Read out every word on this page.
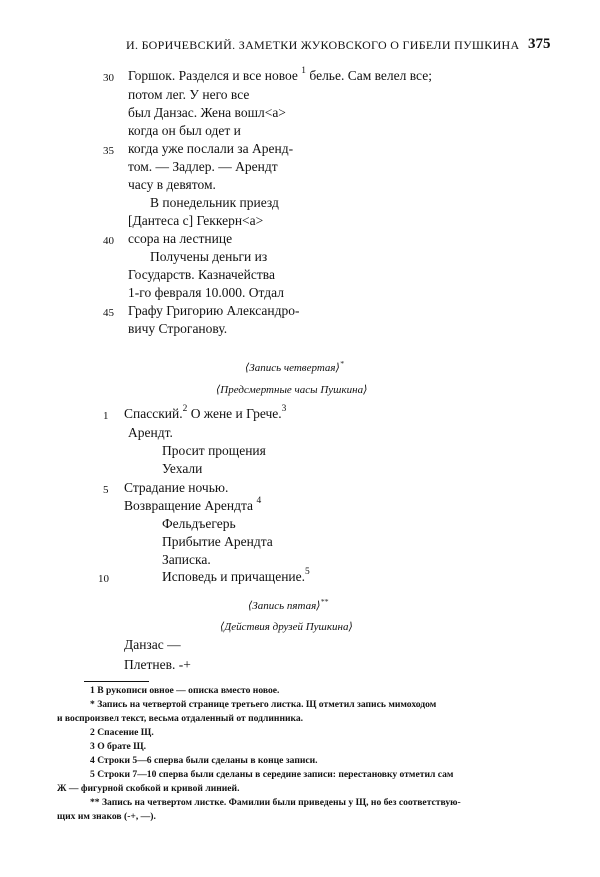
И. БОРИЧЕВСКИЙ. ЗАМЕТКИ ЖУКОВСКОГО О ГИБЕЛИ ПУШКИНА 375
30 Горшок. Разделся и все новое $^1$ белье. Сам велел все;
потом лег. У него все
был Данзас. Жена вошл<а>
когда он был одет и
35 когда уже послали за Аренд-
том. — Задлер. — Арендт
часу в девятом.
В понедельник приезд
[Дантеса с] Геккерн<а>
40 ссора на лестнице
Получены деньги из
Государств. Казначейства
1-го февраля 10.000. Отдал
45 Графу Григорию Александро-
вичу Строганову.
⟨Запись четвертая⟩*
⟨Предсмертные часы Пушкина⟩
1 Спасский.$^2$ О жене и Грече.$^3$
Арендт.
Просит прощения
Уехали
5 Страдание ночью.
Возвращение Арендта $^4$
Фельдъегерь
Прибытие Арендта
Записка.
10	Исповедь и причащение.$^5$
⟨Запись пятая⟩**
⟨Действия друзей Пушкина⟩
Данзас —
Плетнев. -+
1 В рукописи овное — описка вместо новое.
* Запись на четвертой странице третьего листка. Щ отметил запись мимоходом
и воспроизвел текст, весьма отдаленный от подлинника.
2 Спасение Щ.
3 О брате Щ.
4 Строки 5—6 сперва были сделаны в конце записи.
5 Строки 7—10 сперва были сделаны в середине записи: перестановку отметил сам
Ж — фигурной скобкой и кривой линией.
** Запись на четвертом листке. Фамилии были приведены у Щ, но без соответствую-
щих им знаков (-+, —).
